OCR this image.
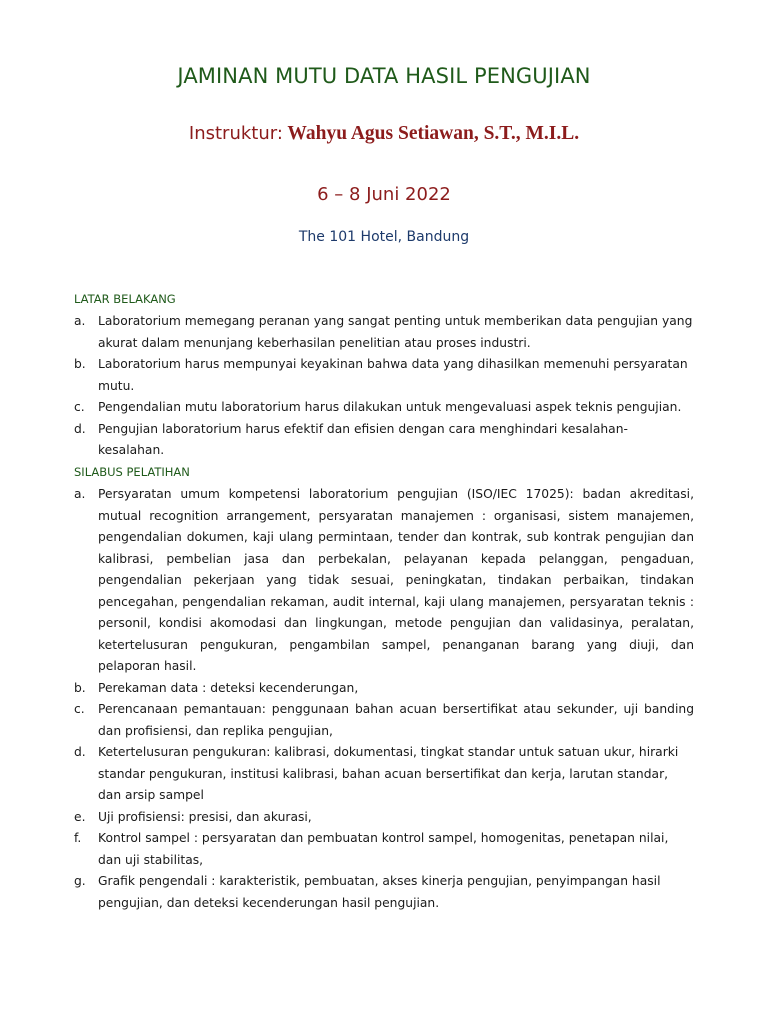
JAMINAN MUTU DATA HASIL PENGUJIAN
Instruktur: Wahyu Agus Setiawan, S.T., M.I.L.
6 – 8 Juni 2022
The 101 Hotel, Bandung
LATAR BELAKANG
a. Laboratorium memegang peranan yang sangat penting untuk memberikan data pengujian yang akurat dalam menunjang keberhasilan penelitian atau proses industri.
b. Laboratorium harus mempunyai keyakinan bahwa data yang dihasilkan memenuhi persyaratan mutu.
c. Pengendalian mutu laboratorium harus dilakukan untuk mengevaluasi aspek teknis pengujian.
d. Pengujian laboratorium harus efektif dan efisien dengan cara menghindari kesalahan-kesalahan.
SILABUS PELATIHAN
a. Persyaratan umum kompetensi laboratorium pengujian (ISO/IEC 17025): badan akreditasi, mutual recognition arrangement, persyaratan manajemen : organisasi, sistem manajemen, pengendalian dokumen, kaji ulang permintaan, tender dan kontrak, sub kontrak pengujian dan kalibrasi, pembelian jasa dan perbekalan, pelayanan kepada pelanggan, pengaduan, pengendalian pekerjaan yang tidak sesuai, peningkatan, tindakan perbaikan, tindakan pencegahan, pengendalian rekaman, audit internal, kaji ulang manajemen, persyaratan teknis : personil, kondisi akomodasi dan lingkungan, metode pengujian dan validasinya, peralatan, ketertelusuran pengukuran, pengambilan sampel, penanganan barang yang diuji, dan pelaporan hasil.
b. Perekaman data : deteksi kecenderungan,
c. Perencanaan pemantauan: penggunaan bahan acuan bersertifikat atau sekunder, uji banding dan profisiensi, dan replika pengujian,
d. Ketertelusuran pengukuran: kalibrasi, dokumentasi, tingkat standar untuk satuan ukur, hirarki standar pengukuran, institusi kalibrasi, bahan acuan bersertifikat dan kerja, larutan standar, dan arsip sampel
e. Uji profisiensi: presisi, dan akurasi,
f. Kontrol sampel : persyaratan dan pembuatan kontrol sampel, homogenitas, penetapan nilai, dan uji stabilitas,
g. Grafik pengendali : karakteristik, pembuatan, akses kinerja pengujian, penyimpangan hasil pengujian, dan deteksi kecenderungan hasil pengujian.
